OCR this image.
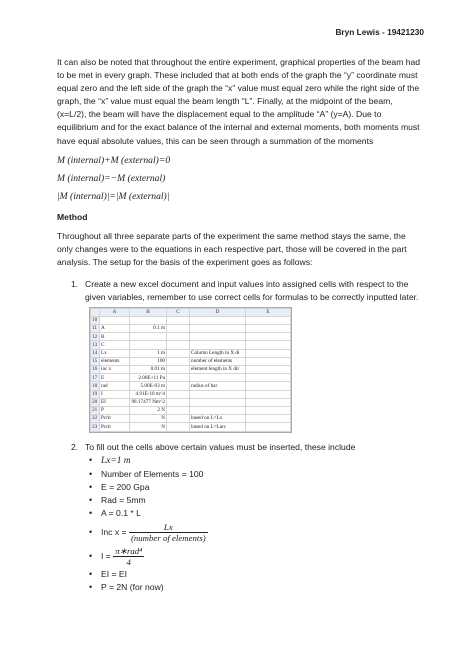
Bryn Lewis - 19421230

It can also be noted that throughout the entire experiment, graphical properties of the beam had to be met in every graph. These included that at both ends of the graph the “y” coordinate must equal zero and the left side of the graph the “x” value must equal zero while the right side of the graph, the “x” value must equal the beam length “L”. Finally, at the midpoint of the beam, (x=L/2), the beam will have the displacement equal to the amplitude “A” (y=A). Due to equilibrium and for the exact balance of the internal and external moments, both moments must have equal absolute values, this can be seen through a summation of the moments

M (internal)+M (external)=0
M (internal)=−M (external)
|M (internal)|=|M (external)|
Method

Throughout all three separate parts of the experiment the same method stays the same, the only changes were to the equations in each respective part, those will be covered in the part analysis. The setup for the basis of the experiment goes as follows:

1. Create a new excel document and input values into assigned cells with respect to the given variables, remember to use correct cells for formulas to be correctly inputted later.
	A	B	C	D	E
10					
11	A	0.1 m			
12	B				
13	C				
14	Lx	1 m		Column Length in X di	
15	elements	100		number of elements	
16	inc x	0.01 m		element length in X dir	
17	E	2.00E+11 Pa			
18	rad	5.00E-03 m		radius of bar	
19	I	4.91E-10 m^4			
20	EI	98.17477 Nm^2			
21	P	2 N			
22	Pcrit	N		based on L=Lx	
23	Pcrit	N		based on L=Larc	
2. To fill out the cells above certain values must be inserted, these include
• Lx=1 m
• Number of Elements = 100
• E = 200 Gpa
• Rad = 5mm
• A = 0.1 * L
• Inc $x = \frac{Lx}{\text{(number of elements)}}$
• $I = \frac{\text{π∗rad⁴}}{4}$
• EI = EI
• P = 2N (for now)
